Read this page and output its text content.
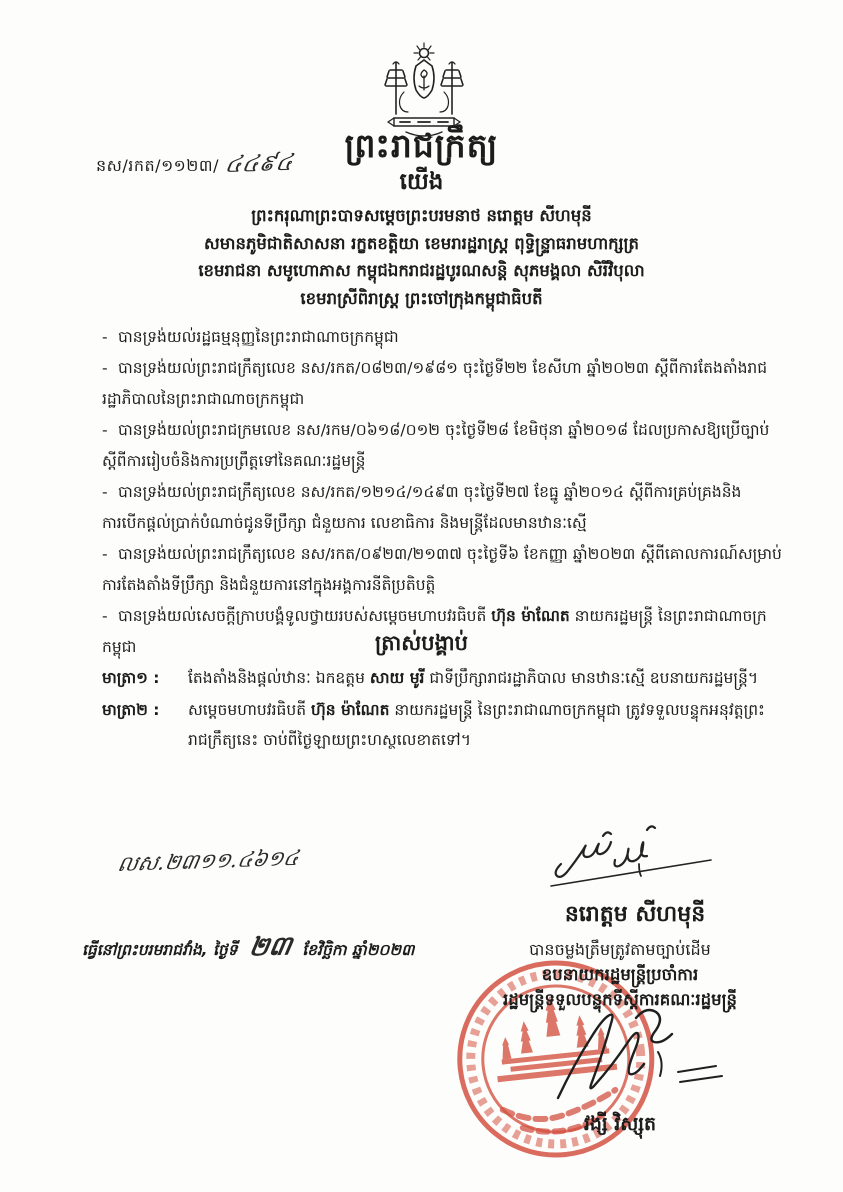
នស/រកត/១១២៣/ ៤៤៩៤	ព្រះរាជក្រឹត្យ
យើង
ព្រះករុណាព្រះបាទសម្តេចព្រះបរមនាថ នរោត្តម សីហមុនី
សមានភូមិជាតិសាសនា រក្ខតខត្តិយា ខេមរារដ្ឋរាស្ត្រ ពុទ្ធិន្ទ្រាធរាមហាក្សត្រ
ខេមរាជនា សមូហោភាស កម្ពុជឯករាជរដ្ឋបូរណសន្តិ សុភមង្គលា សិរីវិបុលា
ខេមរាស្រីពិរាស្ត្រ ព្រះចៅក្រុងកម្ពុជាធិបតី
- បានទ្រង់យល់រដ្ឋធម្មនុញ្ញនៃព្រះរាជាណាចក្រកម្ពុជា
- បានទ្រង់យល់ព្រះរាជក្រឹត្យលេខ នស/រកត/០៨២៣/១៩៨១ ចុះថ្ងៃទី២២ ខែសីហា ឆ្នាំ២០២៣ ស្តីពីការតែងតាំងរាជរដ្ឋាភិបាលនៃព្រះរាជាណាចក្រកម្ពុជា
- បានទ្រង់យល់ព្រះរាជក្រមលេខ នស/រកម/០៦១៨/០១២ ចុះថ្ងៃទី២៨ ខែមិថុនា ឆ្នាំ២០១៨ ដែលប្រកាសឱ្យប្រើច្បាប់ស្តីពីការរៀបចំនិងការប្រព្រឹត្តទៅនៃគណៈរដ្ឋមន្ត្រី
- បានទ្រង់យល់ព្រះរាជក្រឹត្យលេខ នស/រកត/១២១៤/១៤៩៣ ចុះថ្ងៃទី២៧ ខែធ្នូ ឆ្នាំ២០១៤ ស្តីពីការគ្រប់គ្រងនិងការបើកផ្តល់ប្រាក់បំណាច់ជូនទីប្រឹក្សា ជំនួយការ លេខាធិការ និងមន្ត្រីដែលមានឋានៈស្មើ
- បានទ្រង់យល់ព្រះរាជក្រឹត្យលេខ នស/រកត/០៩២៣/២១៣៧ ចុះថ្ងៃទី៦ ខែកញ្ញា ឆ្នាំ២០២៣ ស្តីពីគោលការណ៍សម្រាប់ការតែងតាំងទីប្រឹក្សា និងជំនួយការនៅក្នុងអង្គការនីតិប្រតិបត្តិ
- បានទ្រង់យល់សេចក្តីក្រាបបង្គំទូលថ្វាយរបស់សម្តេចមហាបវរធិបតី ហ៊ុន ម៉ាណែត នាយករដ្ឋមន្ត្រី នៃព្រះរាជាណាចក្រកម្ពុជា	ត្រាស់បង្គាប់
មាត្រា១ :	តែងតាំងនិងផ្តល់ឋានៈ ឯកឧត្តម សាយ មូរី ជាទីប្រឹក្សារាជរដ្ឋាភិបាល មានឋានៈស្មើ ឧបនាយករដ្ឋមន្ត្រី។
មាត្រា២ :	សម្តេចមហាបវរធិបតី ហ៊ុន ម៉ាណែត នាយករដ្ឋមន្ត្រី នៃព្រះរាជាណាចក្រកម្ពុជា ត្រូវទទួលបន្ទុកអនុវត្តព្រះរាជក្រឹត្យនេះ ចាប់ពីថ្ងៃឡាយព្រះហស្ថលេខាតទៅ។
លស.២៣១១.៤៦១៤
នរោត្តម សីហមុនី
ធ្វើនៅព្រះបរមរាជវាំង, ថ្ងៃទី ២៣ ខែវិច្ឆិកា ឆ្នាំ២០២៣	បានចម្លងត្រឹមត្រូវតាមច្បាប់ដើម
ឧបនាយករដ្ឋមន្ត្រីប្រចាំការ
រដ្ឋមន្ត្រីទទួលបន្ទុកទីស្តីការគណៈរដ្ឋមន្ត្រី
វង្សី វិស្សុត
